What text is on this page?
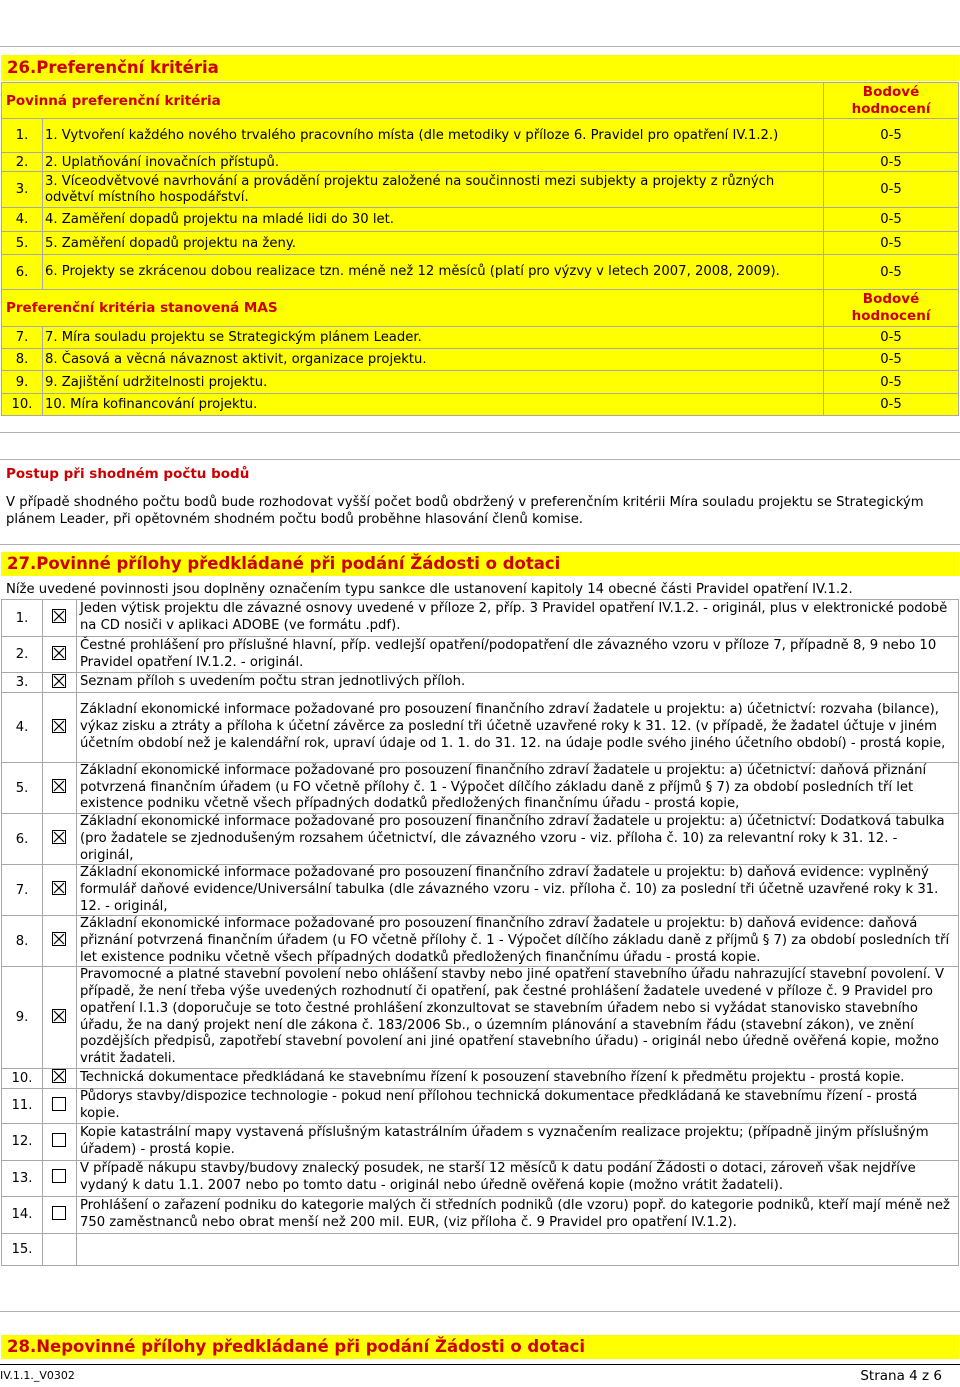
26.Preferenční kritéria
Povinná preferenční kritéria		Bodové hodnocení
1.	1. Vytvoření každého nového trvalého pracovního místa (dle metodiky v příloze 6. Pravidel pro opatření IV.1.2.)	0-5
2.	2. Uplatňování inovačních přístupů.	0-5
3.	3. Víceodvětvové navrhování a provádění projektu založené na součinnosti mezi subjekty a projekty z různých odvětví místního hospodářství.	0-5
4.	4. Zaměření dopadů projektu na mladé lidi do 30 let.	0-5
5.	5. Zaměření dopadů projektu na ženy.	0-5
6.	6. Projekty se zkrácenou dobou realizace tzn. méně než 12 měsíců (platí pro výzvy v letech 2007, 2008, 2009).	0-5
Preferenční kritéria stanovená MAS		Bodové hodnocení
7.	7. Míra souladu projektu se Strategickým plánem Leader.	0-5
8.	8. Časová a věcná návaznost aktivit, organizace projektu.	0-5
9.	9. Zajištění udržitelnosti projektu.	0-5
10.	10. Míra kofinancování projektu.	0-5
Postup při shodném počtu bodů
V případě shodného počtu bodů bude rozhodovat vyšší počet bodů obdržený v preferenčním kritérii Míra souladu projektu se Strategickým plánem Leader, při opětovném shodném počtu bodů proběhne hlasování členů komise.
27.Povinné přílohy předkládané při podání Žádosti o dotaci
Níže uvedené povinnosti jsou doplněny označením typu sankce dle ustanovení kapitoly 14 obecné části Pravidel opatření IV.1.2.
1.		Jeden výtisk projektu dle závazné osnovy uvedené v příloze 2, příp. 3 Pravidel opatření IV.1.2. - originál, plus v elektronické podobě na CD nosiči v aplikaci ADOBE (ve formátu .pdf).
2.		Čestné prohlášení pro příslušné hlavní, příp. vedlejší opatření/podopatření dle závazného vzoru v příloze 7, případně 8, 9 nebo 10 Pravidel opatření IV.1.2. - originál.
3.		Seznam příloh s uvedením počtu stran jednotlivých příloh.
4.		Základní ekonomické informace požadované pro posouzení finančního zdraví žadatele u projektu: a) účetnictví: rozvaha (bilance), výkaz zisku a ztráty a příloha k účetní závěrce za poslední tři účetně uzavřené roky k 31. 12. (v případě, že žadatel účtuje v jiném účetním období než je kalendářní rok, upraví údaje od 1. 1. do 31. 12. na údaje podle svého jiného účetního období) - prostá kopie,
5.		Základní ekonomické informace požadované pro posouzení finančního zdraví žadatele u projektu: a) účetnictví: daňová přiznání potvrzená finančním úřadem (u FO včetně přílohy č. 1 - Výpočet dílčího základu daně z příjmů § 7) za období posledních tří let existence podniku včetně všech případných dodatků předložených finančnímu úřadu - prostá kopie,
6.		Základní ekonomické informace požadované pro posouzení finančního zdraví žadatele u projektu: a) účetnictví: Dodatková tabulka (pro žadatele se zjednodušeným rozsahem účetnictví, dle závazného vzoru - viz. příloha č. 10) za relevantní roky k 31. 12. - originál,
7.		Základní ekonomické informace požadované pro posouzení finančního zdraví žadatele u projektu: b) daňová evidence: vyplněný formulář daňové evidence/Universální tabulka (dle závazného vzoru - viz. příloha č. 10) za poslední tři účetně uzavřené roky k 31. 12. - originál,
8.		Základní ekonomické informace požadované pro posouzení finančního zdraví žadatele u projektu: b) daňová evidence: daňová přiznání potvrzená finančním úřadem (u FO včetně přílohy č. 1 - Výpočet dílčího základu daně z příjmů § 7) za období posledních tří let existence podniku včetně všech případných dodatků předložených finančnímu úřadu - prostá kopie.
9.		Pravomocné a platné stavební povolení nebo ohlášení stavby nebo jiné opatření stavebního úřadu nahrazující stavební povolení. V případě, že není třeba výše uvedených rozhodnutí či opatření, pak čestné prohlášení žadatele uvedené v příloze č. 9 Pravidel pro opatření I.1.3 (doporučuje se toto čestné prohlášení zkonzultovat se stavebním úřadem nebo si vyžádat stanovisko stavebního úřadu, že na daný projekt není dle zákona č. 183/2006 Sb., o územním plánování a stavebním řádu (stavební zákon), ve znění pozdějších předpisů, zapotřebí stavební povolení ani jiné opatření stavebního úřadu) - originál nebo úředně ověřená kopie, možno vrátit žadateli.
10.		Technická dokumentace předkládaná ke stavebnímu řízení k posouzení stavebního řízení k předmětu projektu - prostá kopie.
11.		Půdorys stavby/dispozice technologie - pokud není přílohou technická dokumentace předkládaná ke stavebnímu řízení - prostá kopie.
12.		Kopie katastrální mapy vystavená příslušným katastrálním úřadem s vyznačením realizace projektu; (případně jiným příslušným úřadem) - prostá kopie.
13.		V případě nákupu stavby/budovy znalecký posudek, ne starší 12 měsíců k datu podání Žádosti o dotaci, zároveň však nejdříve vydaný k datu 1.1. 2007 nebo po tomto datu - originál nebo úředně ověřená kopie (možno vrátit žadateli).
14.		Prohlášení o zařazení podniku do kategorie malých či středních podniků (dle vzoru) popř. do kategorie podniků, kteří mají méně než 750 zaměstnanců nebo obrat menší než 200 mil. EUR, (viz příloha č. 9 Pravidel pro opatření IV.1.2).
15.		
28.Nepovinné přílohy předkládané při podání Žádosti o dotaci
IV.1.1._V0302	Strana 4 z 6
